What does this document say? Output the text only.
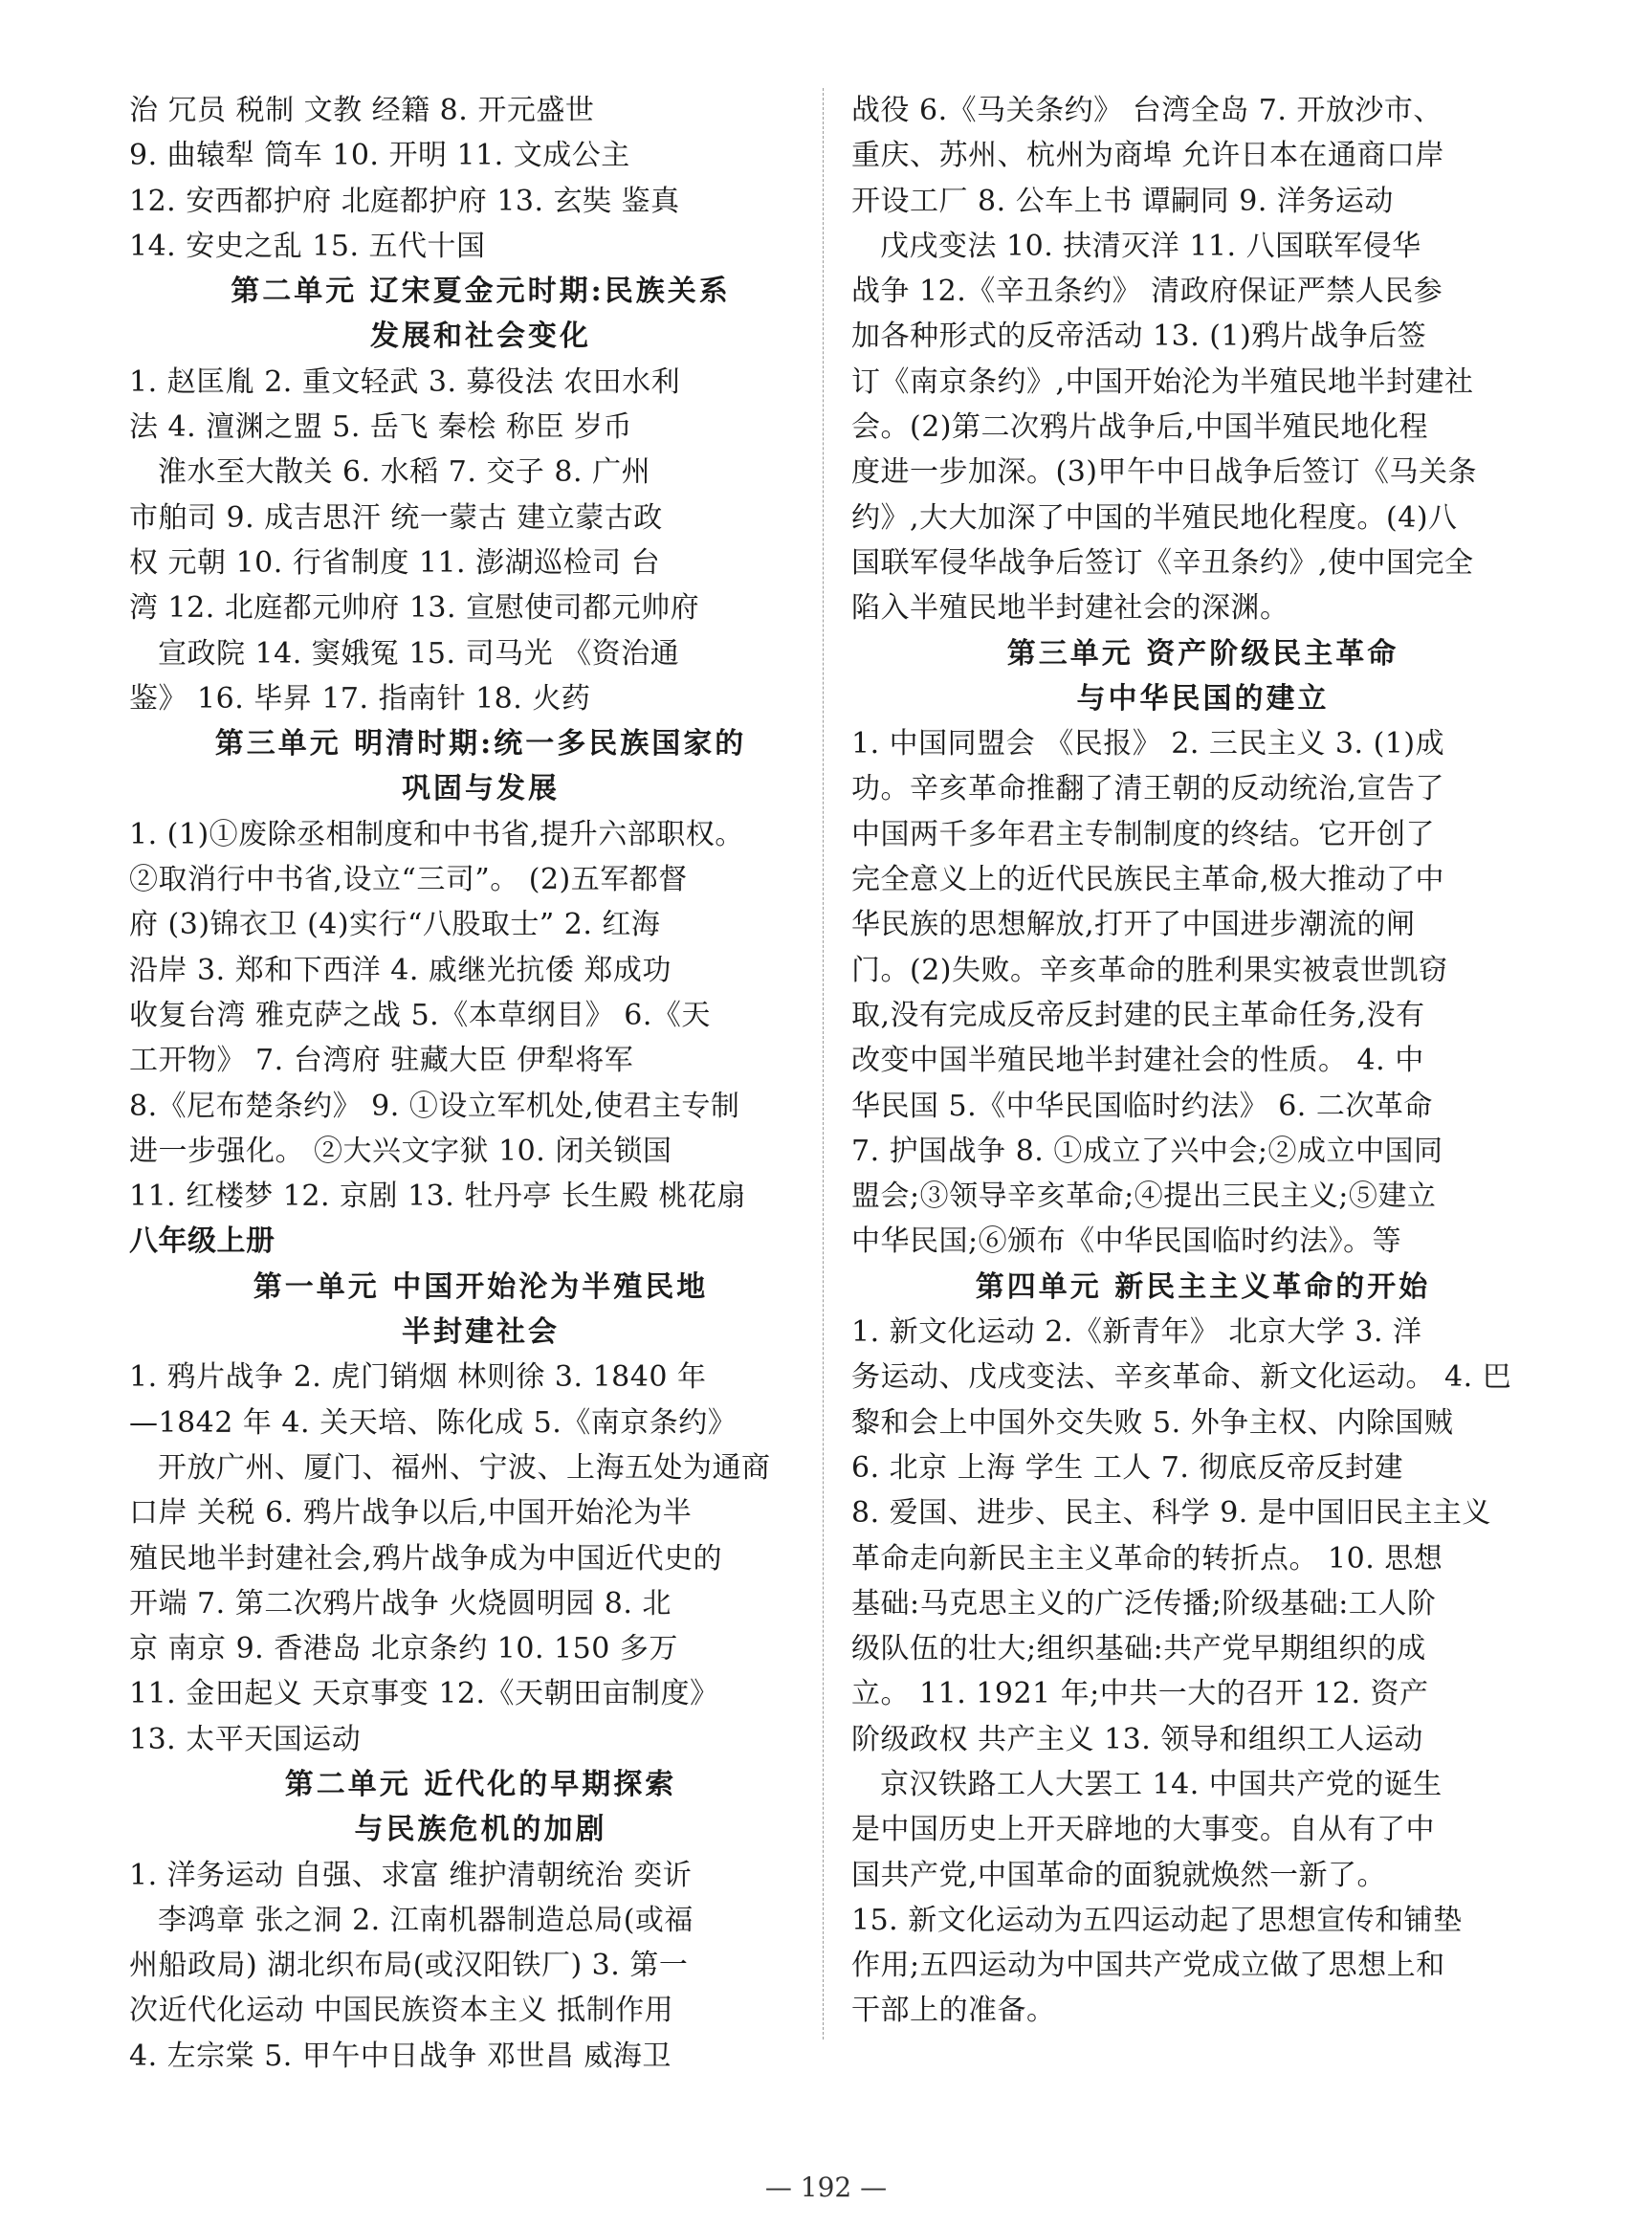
治 冗员 税制 文教 经籍 8. 开元盛世
9. 曲辕犁 筒车 10. 开明 11. 文成公主
12. 安西都护府 北庭都护府 13. 玄奘 鉴真
14. 安史之乱 15. 五代十国
第二单元 辽宋夏金元时期:民族关系
发展和社会变化
1. 赵匡胤 2. 重文轻武 3. 募役法 农田水利
法 4. 澶渊之盟 5. 岳飞 秦桧 称臣 岁币
淮水至大散关 6. 水稻 7. 交子 8. 广州
市舶司 9. 成吉思汗 统一蒙古 建立蒙古政
权 元朝 10. 行省制度 11. 澎湖巡检司 台
湾 12. 北庭都元帅府 13. 宣慰使司都元帅府
宣政院 14. 窦娥冤 15. 司马光 《资治通
鉴》 16. 毕昇 17. 指南针 18. 火药
第三单元 明清时期:统一多民族国家的
巩固与发展
1. (1)①废除丞相制度和中书省,提升六部职权。
②取消行中书省,设立“三司”。 (2)五军都督
府 (3)锦衣卫 (4)实行“八股取士” 2. 红海
沿岸 3. 郑和下西洋 4. 戚继光抗倭 郑成功
收复台湾 雅克萨之战 5.《本草纲目》 6.《天
工开物》 7. 台湾府 驻藏大臣 伊犁将军
8.《尼布楚条约》 9. ①设立军机处,使君主专制
进一步强化。 ②大兴文字狱 10. 闭关锁国
11. 红楼梦 12. 京剧 13. 牡丹亭 长生殿 桃花扇
八年级上册
第一单元 中国开始沦为半殖民地
半封建社会
1. 鸦片战争 2. 虎门销烟 林则徐 3. 1840 年
—1842 年 4. 关天培、陈化成 5.《南京条约》
开放广州、厦门、福州、宁波、上海五处为通商
口岸 关税 6. 鸦片战争以后,中国开始沦为半
殖民地半封建社会,鸦片战争成为中国近代史的
开端 7. 第二次鸦片战争 火烧圆明园 8. 北
京 南京 9. 香港岛 北京条约 10. 150 多万
11. 金田起义 天京事变 12.《天朝田亩制度》
13. 太平天国运动
第二单元 近代化的早期探索
与民族危机的加剧
1. 洋务运动 自强、求富 维护清朝统治 奕䜣
李鸿章 张之洞 2. 江南机器制造总局(或福
州船政局) 湖北织布局(或汉阳铁厂) 3. 第一
次近代化运动 中国民族资本主义 抵制作用
4. 左宗棠 5. 甲午中日战争 邓世昌 威海卫
战役 6.《马关条约》 台湾全岛 7. 开放沙市、
重庆、苏州、杭州为商埠 允许日本在通商口岸
开设工厂 8. 公车上书 谭嗣同 9. 洋务运动
戊戌变法 10. 扶清灭洋 11. 八国联军侵华
战争 12.《辛丑条约》 清政府保证严禁人民参
加各种形式的反帝活动 13. (1)鸦片战争后签
订《南京条约》,中国开始沦为半殖民地半封建社
会。(2)第二次鸦片战争后,中国半殖民地化程
度进一步加深。(3)甲午中日战争后签订《马关条
约》,大大加深了中国的半殖民地化程度。(4)八
国联军侵华战争后签订《辛丑条约》,使中国完全
陷入半殖民地半封建社会的深渊。
第三单元 资产阶级民主革命
与中华民国的建立
1. 中国同盟会 《民报》 2. 三民主义 3. (1)成
功。辛亥革命推翻了清王朝的反动统治,宣告了
中国两千多年君主专制制度的终结。它开创了
完全意义上的近代民族民主革命,极大推动了中
华民族的思想解放,打开了中国进步潮流的闸
门。(2)失败。辛亥革命的胜利果实被袁世凯窃
取,没有完成反帝反封建的民主革命任务,没有
改变中国半殖民地半封建社会的性质。 4. 中
华民国 5.《中华民国临时约法》 6. 二次革命
7. 护国战争 8. ①成立了兴中会;②成立中国同
盟会;③领导辛亥革命;④提出三民主义;⑤建立
中华民国;⑥颁布《中华民国临时约法》。等
第四单元 新民主主义革命的开始
1. 新文化运动 2.《新青年》 北京大学 3. 洋
务运动、戊戌变法、辛亥革命、新文化运动。 4. 巴
黎和会上中国外交失败 5. 外争主权、内除国贼
6. 北京 上海 学生 工人 7. 彻底反帝反封建
8. 爱国、进步、民主、科学 9. 是中国旧民主主义
革命走向新民主主义革命的转折点。 10. 思想
基础:马克思主义的广泛传播;阶级基础:工人阶
级队伍的壮大;组织基础:共产党早期组织的成
立。 11. 1921 年;中共一大的召开 12. 资产
阶级政权 共产主义 13. 领导和组织工人运动
京汉铁路工人大罢工 14. 中国共产党的诞生
是中国历史上开天辟地的大事变。自从有了中
国共产党,中国革命的面貌就焕然一新了。
15. 新文化运动为五四运动起了思想宣传和铺垫
作用;五四运动为中国共产党成立做了思想上和
干部上的准备。
— 192 —
